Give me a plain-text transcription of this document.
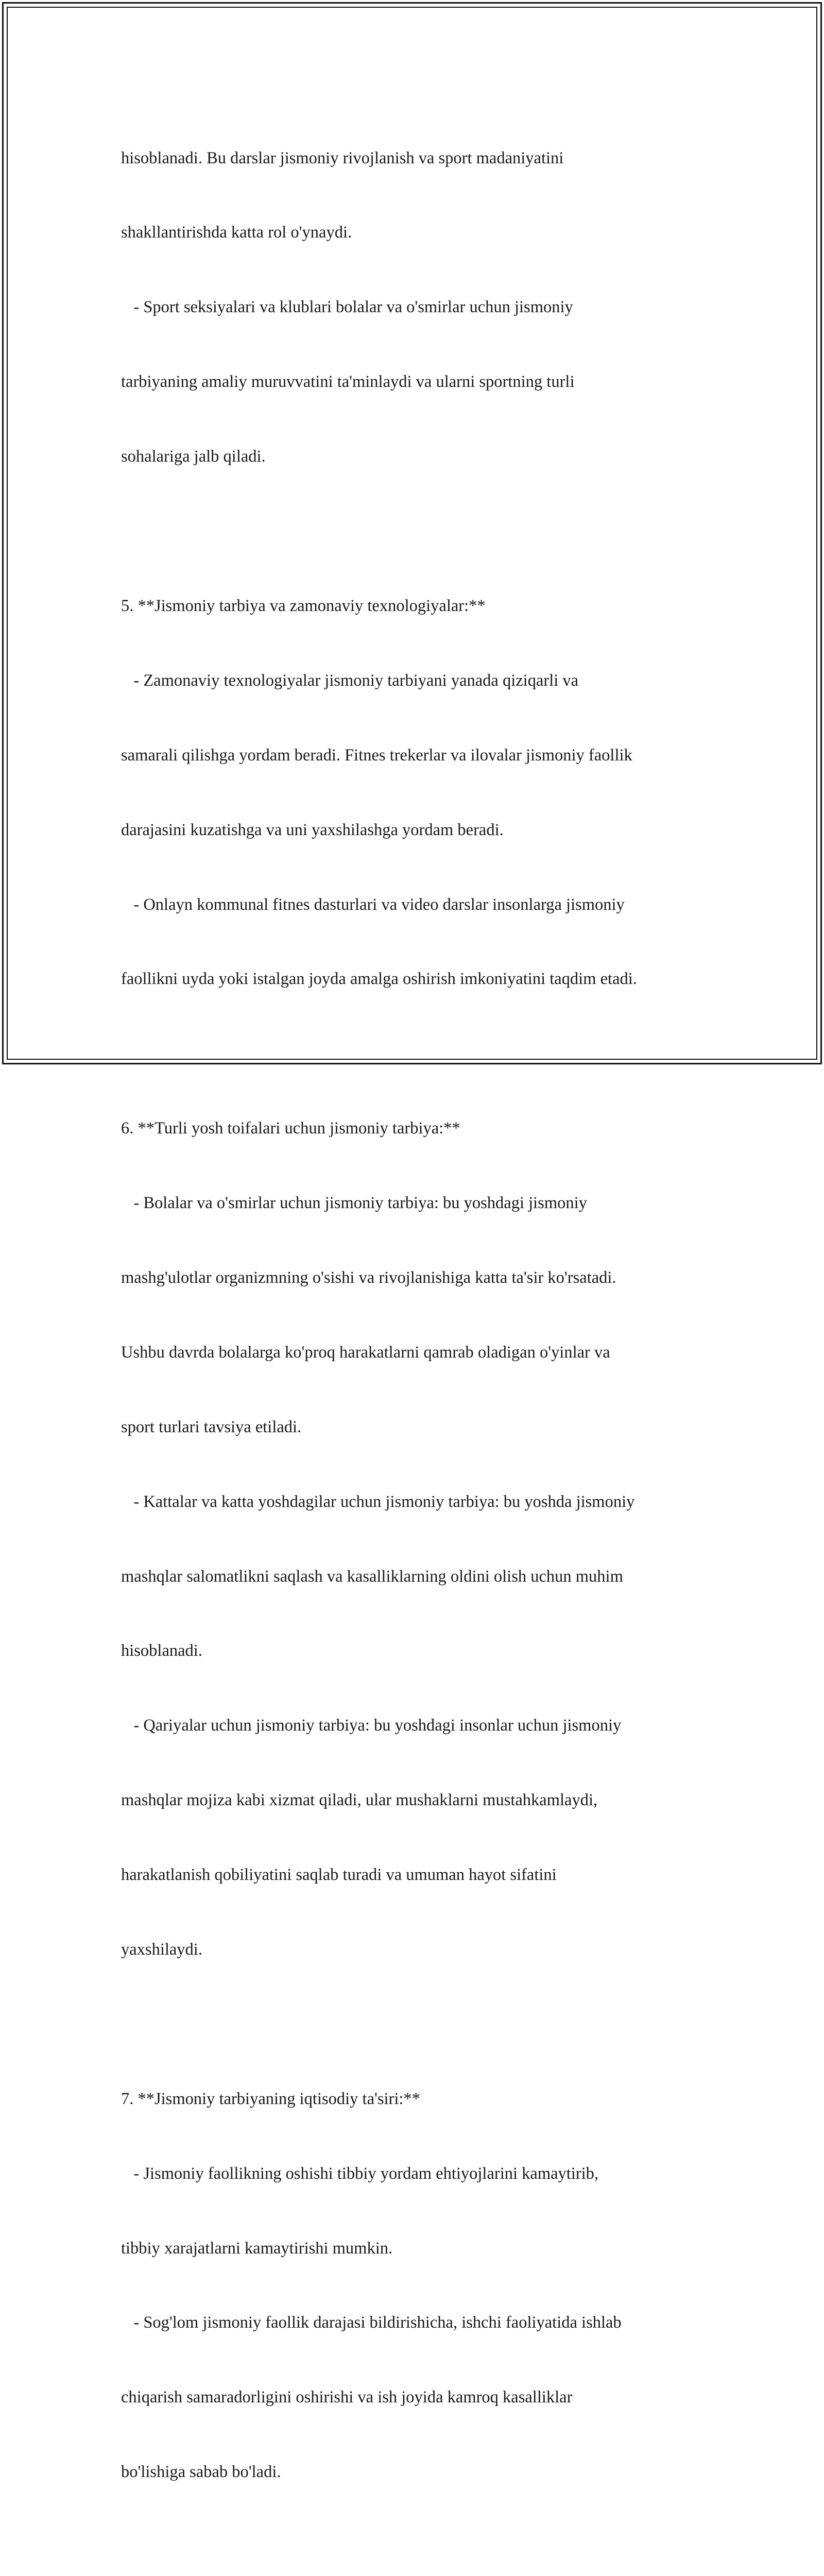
hisoblanadi. Bu darslar jismoniy rivojlanish va sport madaniyatini

shakllantirishda katta rol o'ynaydi.

- Sport seksiyalari va klublari bolalar va o'smirlar uchun jismoniy

tarbiyaning amaliy muruvvatini ta'minlaydi va ularni sportning turli

sohalariga jalb qiladi.

5. **Jismoniy tarbiya va zamonaviy texnologiyalar:**

- Zamonaviy texnologiyalar jismoniy tarbiyani yanada qiziqarli va

samarali qilishga yordam beradi. Fitnes trekerlar va ilovalar jismoniy faollik

darajasini kuzatishga va uni yaxshilashga yordam beradi.

- Onlayn kommunal fitnes dasturlari va video darslar insonlarga jismoniy

faollikni uyda yoki istalgan joyda amalga oshirish imkoniyatini taqdim etadi.

6. **Turli yosh toifalari uchun jismoniy tarbiya:**

- Bolalar va o'smirlar uchun jismoniy tarbiya: bu yoshdagi jismoniy

mashg'ulotlar organizmning o'sishi va rivojlanishiga katta ta'sir ko'rsatadi.

Ushbu davrda bolalarga ko'proq harakatlarni qamrab oladigan o'yinlar va

sport turlari tavsiya etiladi.

- Kattalar va katta yoshdagilar uchun jismoniy tarbiya: bu yoshda jismoniy

mashqlar salomatlikni saqlash va kasalliklarning oldini olish uchun muhim

hisoblanadi.

- Qariyalar uchun jismoniy tarbiya: bu yoshdagi insonlar uchun jismoniy

mashqlar mojiza kabi xizmat qiladi, ular mushaklarni mustahkamlaydi,

harakatlanish qobiliyatini saqlab turadi va umuman hayot sifatini

yaxshilaydi.

7. **Jismoniy tarbiyaning iqtisodiy ta'siri:**

- Jismoniy faollikning oshishi tibbiy yordam ehtiyojlarini kamaytirib,

tibbiy xarajatlarni kamaytirishi mumkin.

- Sog'lom jismoniy faollik darajasi bildirishicha, ishchi faoliyatida ishlab

chiqarish samaradorligini oshirishi va ish joyida kamroq kasalliklar

bo'lishiga sabab bo'ladi.
